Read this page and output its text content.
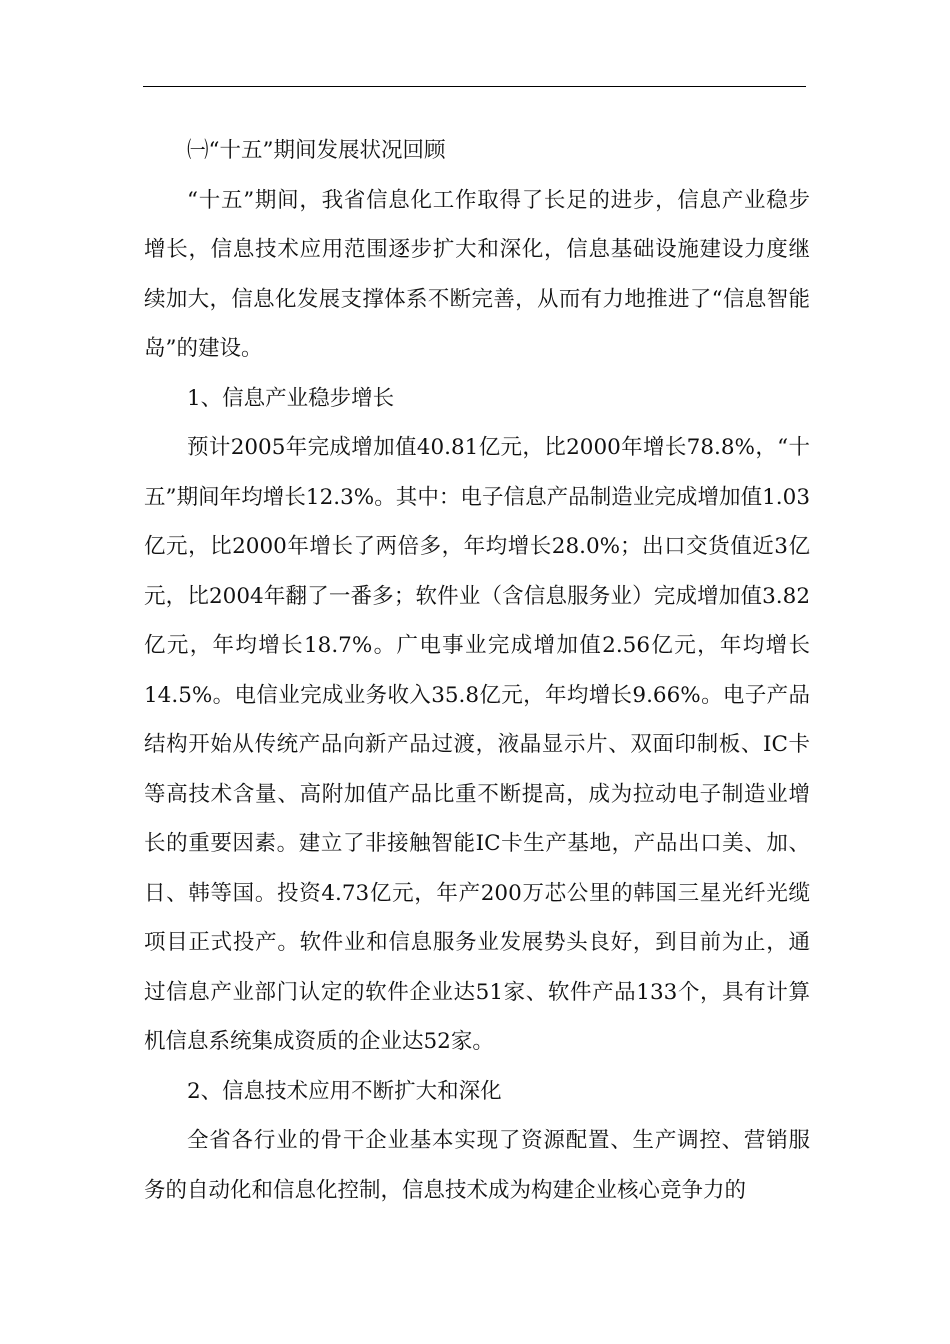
㈠“十五”期间发展状况回顾

“十五”期间，我省信息化工作取得了长足的进步，信息产业稳步增长，信息技术应用范围逐步扩大和深化，信息基础设施建设力度继续加大，信息化发展支撑体系不断完善，从而有力地推进了“信息智能岛”的建设。

1、信息产业稳步增长

预计2005年完成增加值40.81亿元，比2000年增长78.8%，“十五”期间年均增长12.3%。其中：电子信息产品制造业完成增加值1.03亿元，比2000年增长了两倍多，年均增长28.0%；出口交货值近3亿元，比2004年翻了一番多；软件业（含信息服务业）完成增加值3.82亿元，年均增长18.7%。广电事业完成增加值2.56亿元，年均增长14.5%。电信业完成业务收入35.8亿元，年均增长9.66%。电子产品结构开始从传统产品向新产品过渡，液晶显示片、双面印制板、IC卡等高技术含量、高附加值产品比重不断提高，成为拉动电子制造业增长的重要因素。建立了非接触智能IC卡生产基地，产品出口美、加、日、韩等国。投资4.73亿元，年产200万芯公里的韩国三星光纤光缆项目正式投产。软件业和信息服务业发展势头良好，到目前为止，通过信息产业部门认定的软件企业达51家、软件产品133个，具有计算机信息系统集成资质的企业达52家。

2、信息技术应用不断扩大和深化

全省各行业的骨干企业基本实现了资源配置、生产调控、营销服务的自动化和信息化控制，信息技术成为构建企业核心竞争力的
